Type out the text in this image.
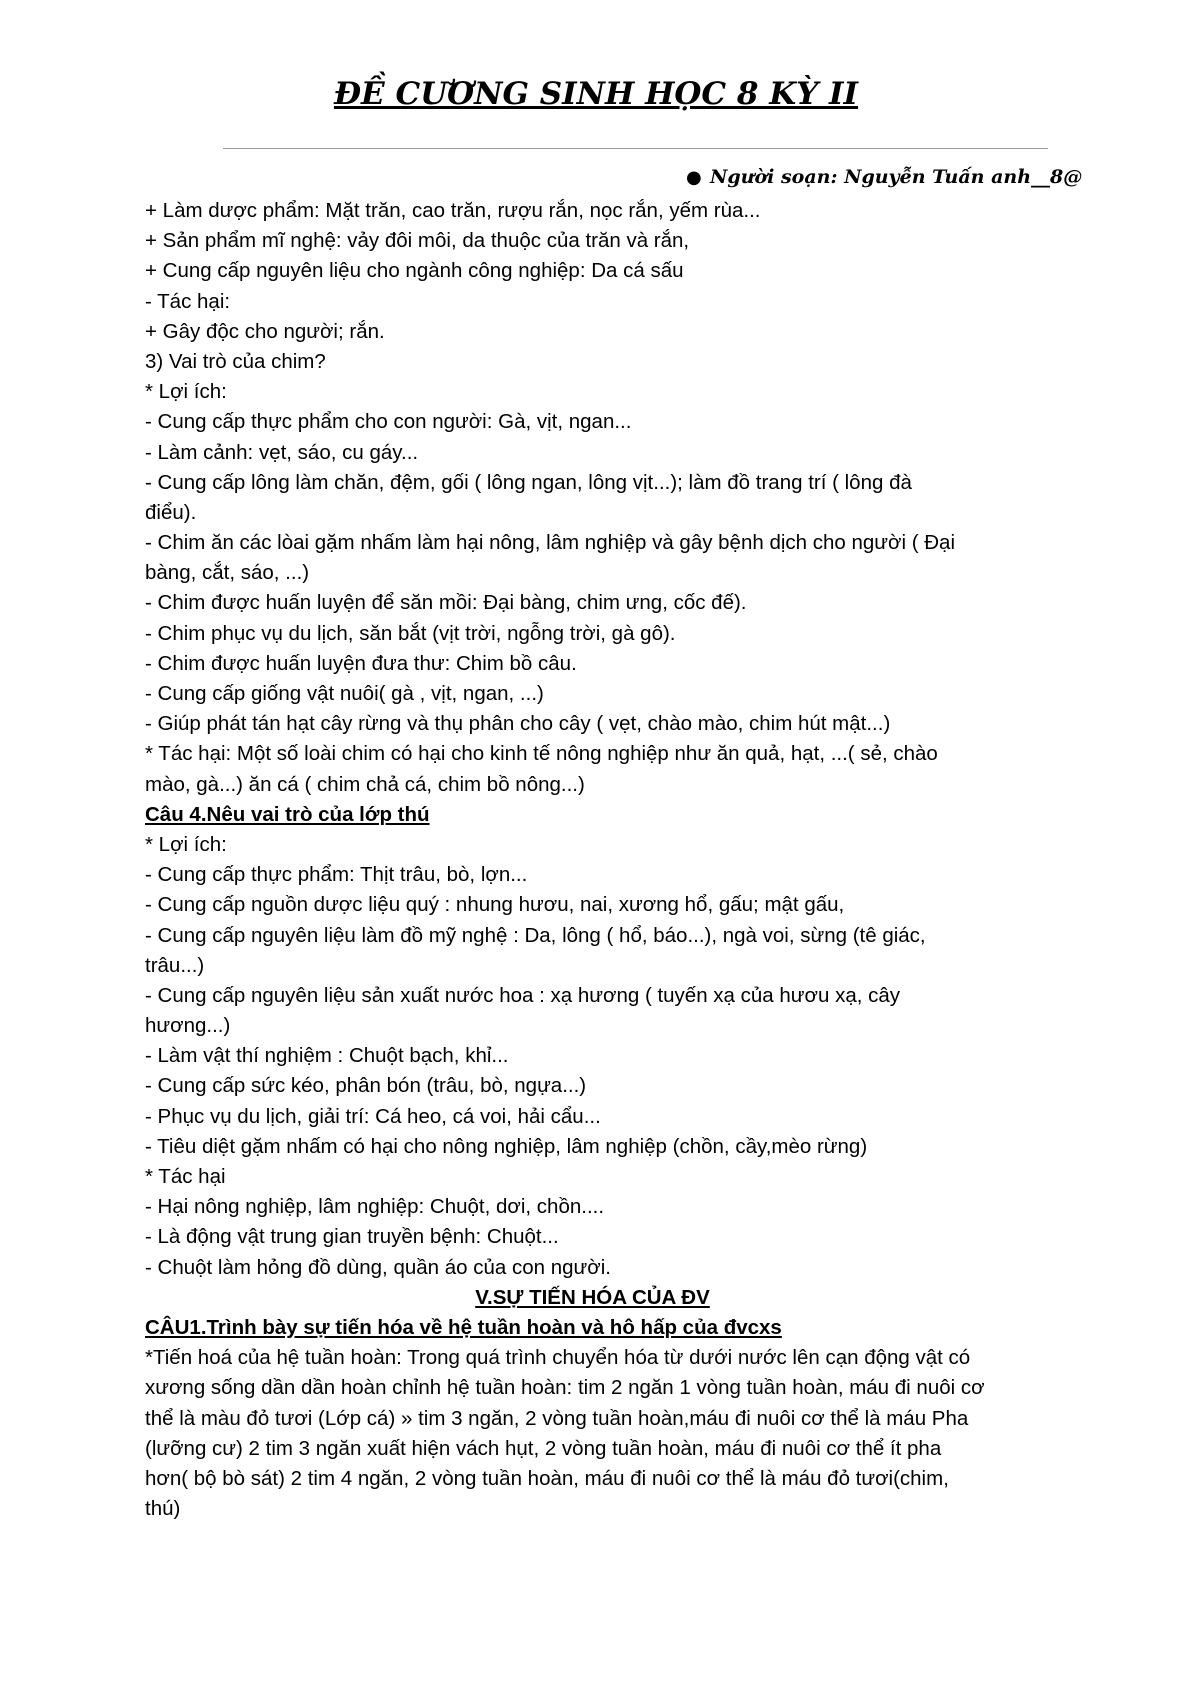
ĐỀ CƯƠNG SINH HỌC 8 KỲ II
● Người soạn: Nguyễn Tuấn anh__8@
+ Làm dược phẩm: Mặt trăn, cao trăn, rượu rắn, nọc rắn, yếm rùa...
+ Sản phẩm mĩ nghệ: vảy đôi môi, da thuộc của trăn và rắn,
+ Cung cấp nguyên liệu cho ngành công nghiệp: Da cá sấu
- Tác hại:
+ Gây độc cho người; rắn.
3) Vai trò của chim?
* Lợi ích:
- Cung cấp thực phẩm cho con người: Gà, vịt, ngan...
- Làm cảnh: vẹt, sáo, cu gáy...
- Cung cấp lông làm chăn, đệm, gối ( lông ngan, lông vịt...); làm đồ trang trí ( lông đà
điểu).
- Chim ăn các lòai gặm nhấm làm hại nông, lâm nghiệp và gây bệnh dịch cho người ( Đại
bàng, cắt, sáo, ...)
- Chim được huấn luyện để săn mồi: Đại bàng, chim ưng, cốc đế).
- Chim phục vụ du lịch, săn bắt (vịt trời, ngỗng trời, gà gô).
- Chim được huấn luyện đưa thư: Chim bồ câu.
- Cung cấp giống vật nuôi( gà , vịt, ngan, ...)
- Giúp phát tán hạt cây rừng và thụ phân cho cây ( vẹt, chào mào, chim hút mật...)
* Tác hại: Một số loài chim có hại cho kinh tế nông nghiệp như ăn quả, hạt, ...( sẻ, chào
mào, gà...) ăn cá ( chim chả cá, chim bồ nông...)
Câu 4.Nêu vai trò của lớp thú
* Lợi ích:
- Cung cấp thực phẩm: Thịt trâu, bò, lợn...
- Cung cấp nguồn dược liệu quý : nhung hươu, nai, xương hổ, gấu; mật gấu,
- Cung cấp nguyên liệu làm đồ mỹ nghệ : Da, lông ( hổ, báo...), ngà voi, sừng (tê giác,
trâu...)
- Cung cấp nguyên liệu sản xuất nước hoa : xạ hương ( tuyến xạ của hươu xạ, cây
hương...)
- Làm vật thí nghiệm : Chuột bạch, khỉ...
- Cung cấp sức kéo, phân bón (trâu, bò, ngựa...)
- Phục vụ du lịch, giải trí: Cá heo, cá voi, hải cẩu...
- Tiêu diệt gặm nhấm có hại cho nông nghiệp, lâm nghiệp (chồn, cầy,mèo rừng)
* Tác hại
- Hại nông nghiệp, lâm nghiệp: Chuột, dơi, chồn....
- Là động vật trung gian truyền bệnh: Chuột...
- Chuột làm hỏng đồ dùng, quần áo của con người.
V.SỰ TIẾN HÓA CỦA ĐV
CÂU1.Trình bày sự tiến hóa về hệ tuần hoàn và hô hấp của đvcxs
*Tiến hoá của hệ tuần hoàn: Trong quá trình chuyển hóa từ dưới nước lên cạn động vật có
xương sống dần dần hoàn chỉnh hệ tuần hoàn: tim 2 ngăn 1 vòng tuần hoàn, máu đi nuôi cơ
thể là màu đỏ tươi (Lớp cá) » tim 3 ngăn, 2 vòng tuần hoàn,máu đi nuôi cơ thể là máu Pha
(lưỡng cư) 2 tim 3 ngăn xuất hiện vách hụt, 2 vòng tuần hoàn, máu đi nuôi cơ thể ít pha
hơn( bộ bò sát) 2 tim 4 ngăn, 2 vòng tuần hoàn, máu đi nuôi cơ thể là máu đỏ tươi(chim,
thú)
